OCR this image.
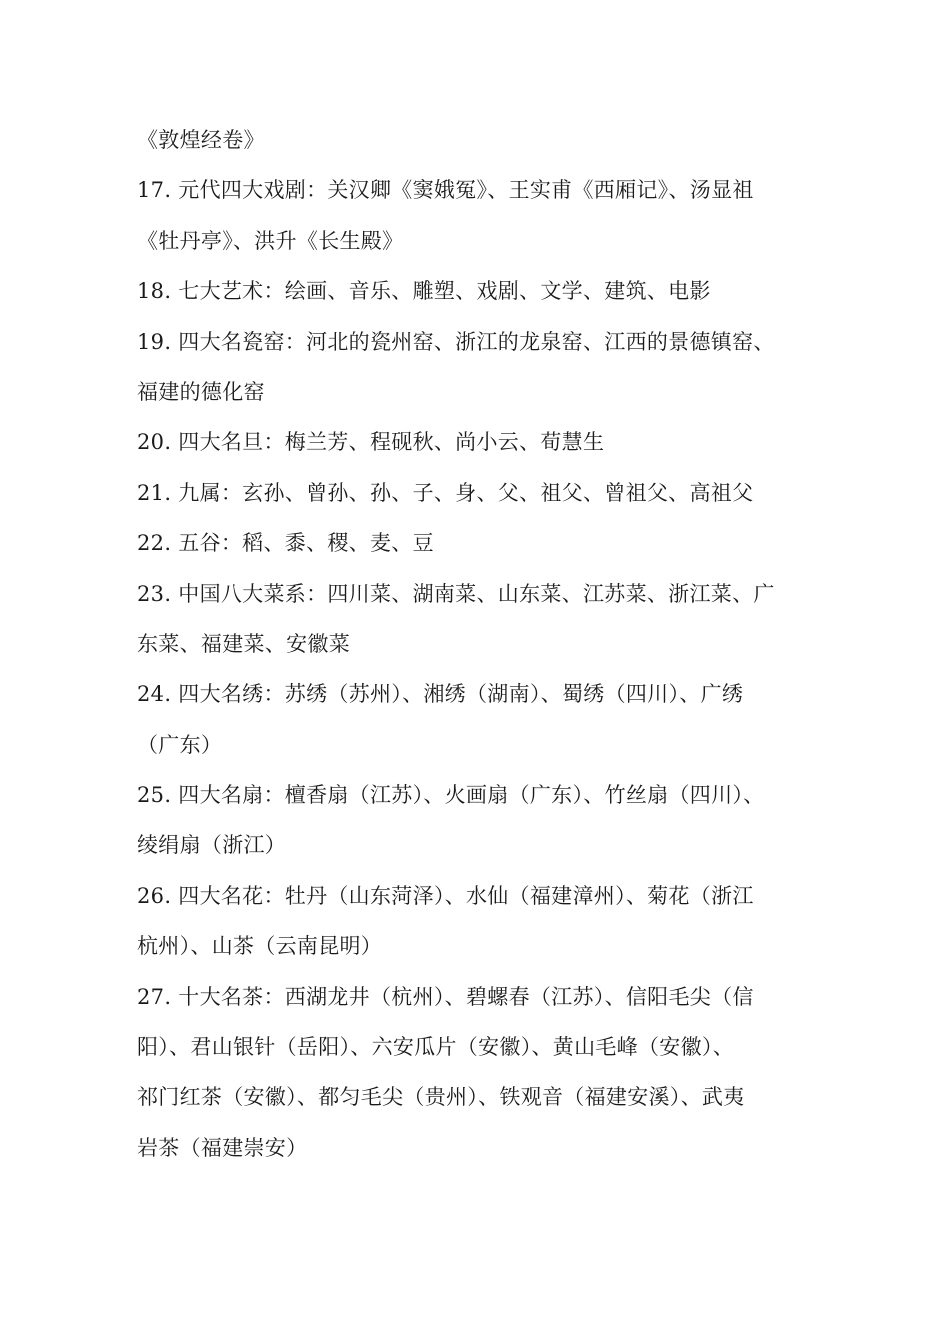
《敦煌经卷》
17. 元代四大戏剧：关汉卿《窦娥冤》、王实甫《西厢记》、汤显祖
《牡丹亭》、洪升《长生殿》
18. 七大艺术：绘画、音乐、雕塑、戏剧、文学、建筑、电影
19. 四大名瓷窑：河北的瓷州窑、浙江的龙泉窑、江西的景德镇窑、
福建的德化窑
20. 四大名旦：梅兰芳、程砚秋、尚小云、荀慧生
21. 九属：玄孙、曾孙、孙、子、身、父、祖父、曾祖父、高祖父
22. 五谷：稻、黍、稷、麦、豆
23. 中国八大菜系：四川菜、湖南菜、山东菜、江苏菜、浙江菜、广
东菜、福建菜、安徽菜
24. 四大名绣：苏绣（苏州）、湘绣（湖南）、蜀绣（四川）、广绣
（广东）
25. 四大名扇：檀香扇（江苏）、火画扇（广东）、竹丝扇（四川）、
绫绢扇（浙江）
26. 四大名花：牡丹（山东菏泽）、水仙（福建漳州）、菊花（浙江
杭州）、山茶（云南昆明）
27. 十大名茶：西湖龙井（杭州）、碧螺春（江苏）、信阳毛尖（信
阳）、君山银针（岳阳）、六安瓜片（安徽）、黄山毛峰（安徽）、
祁门红茶（安徽）、都匀毛尖（贵州）、铁观音（福建安溪）、武夷
岩茶（福建崇安）
